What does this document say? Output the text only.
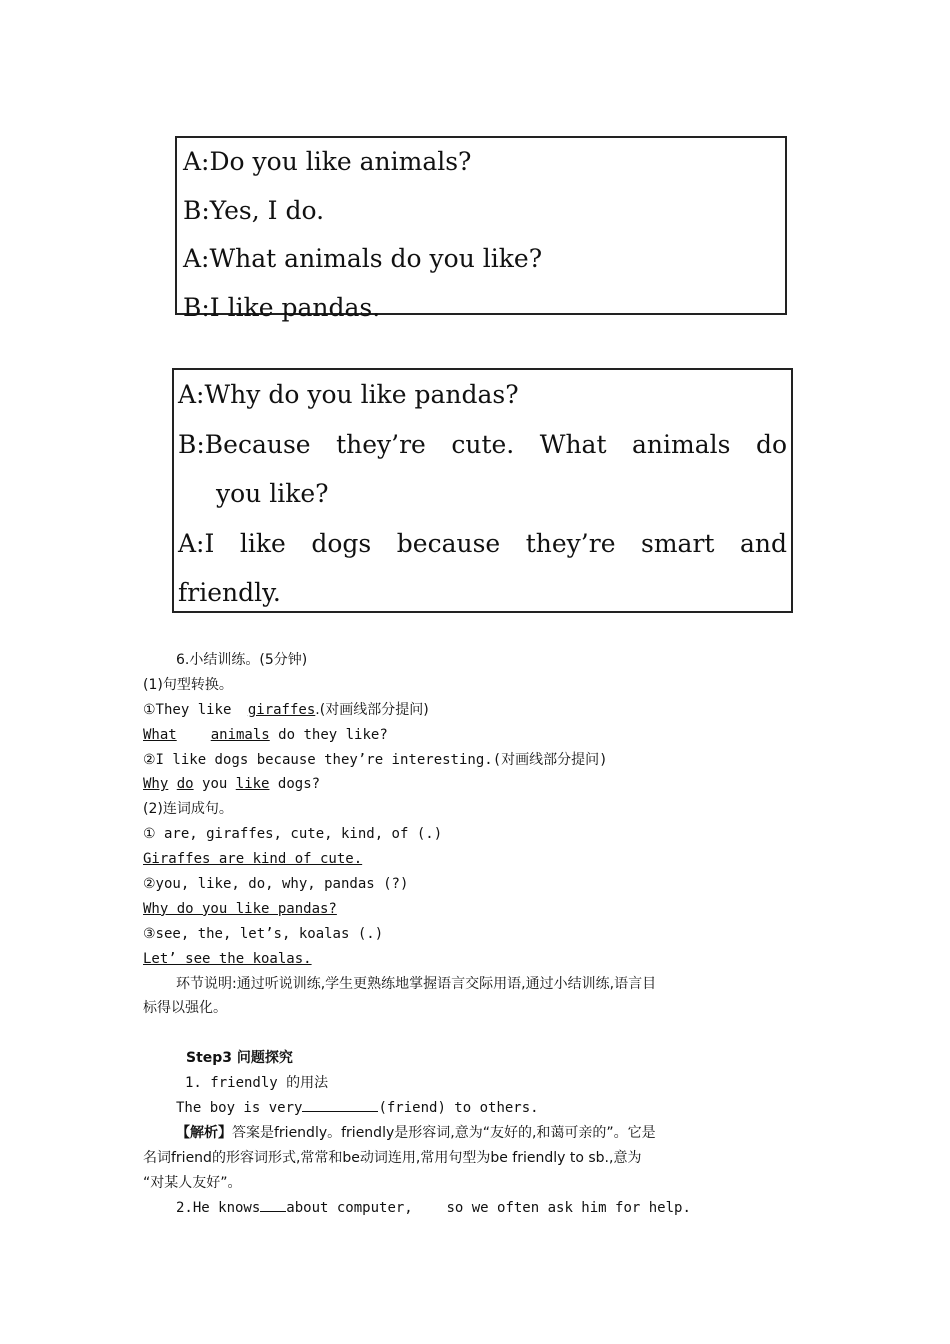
A:Do you like animals?
B:Yes, I do.
A:What animals do you like?
B:I like pandas.
A:Why do you like pandas?
B:Because they’re cute. What animals do
you like?
A:I like dogs because they’re smart and
friendly.
6.小结训练。(5分钟)
(1)句型转换。
①They like giraffes.(对画线部分提问)
What animals do they like?
②I like dogs because they’re interesting.(对画线部分提问)
Why do you like dogs?
(2)连词成句。
① are, giraffes, cute, kind, of (.)
Giraffes are kind of cute.
②you, like, do, why, pandas (?)
Why do you like pandas?
③see, the, let’s, koalas (.)
Let’ see the koalas.
环节说明:通过听说训练,学生更熟练地掌握语言交际用语,通过小结训练,语言目
标得以强化。
Step3 问题探究
1. friendly 的用法
The boy is very	(friend) to others.
【解析】答案是friendly。friendly是形容词,意为“友好的,和蔼可亲的”。它是
名词friend的形容词形式,常常和be动词连用,常用句型为be friendly to sb.,意为
“对某人友好”。
2.He knows about computer,    so we often ask him for help.
